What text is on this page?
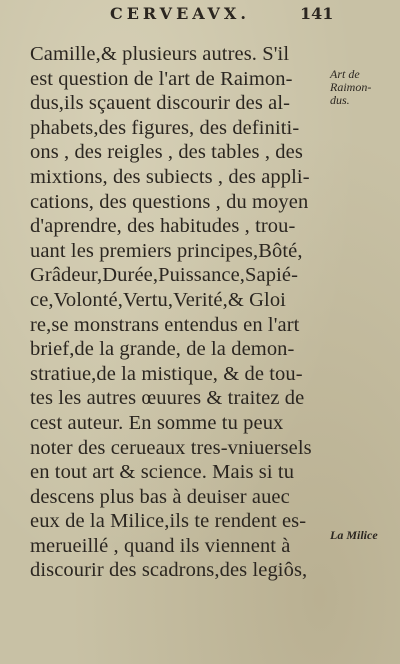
CERVEAVX.	141
Camille,& plusieurs autres. S'il
est question de l'art de Raimon-
dus,ils sçauent discourir des al-
phabets,des figures, des definiti-
ons , des reigles , des tables , des
mixtions, des subiects , des appli-
cations, des questions , du moyen
d'aprendre, des habitudes , trou-
uant les premiers principes,Bôté,
Grâdeur,Durée,Puissance,Sapié-
ce,Volonté,Vertu,Verité,& Gloi
re,se monstrans entendus en l'art
brief,de la grande, de la demon-
stratiue,de la mistique, & de tou-
tes les autres œuures & traitez de
cest auteur. En somme tu peux
noter des cerueaux tres-vniuersels
en tout art & science. Mais si tu
descens plus bas à deuiser auec
eux de la Milice,ils te rendent es-
merueillé , quand ils viennent à
discourir des scadrons,des legiôs,
Art de
Raimon-
dus.
La Milice
